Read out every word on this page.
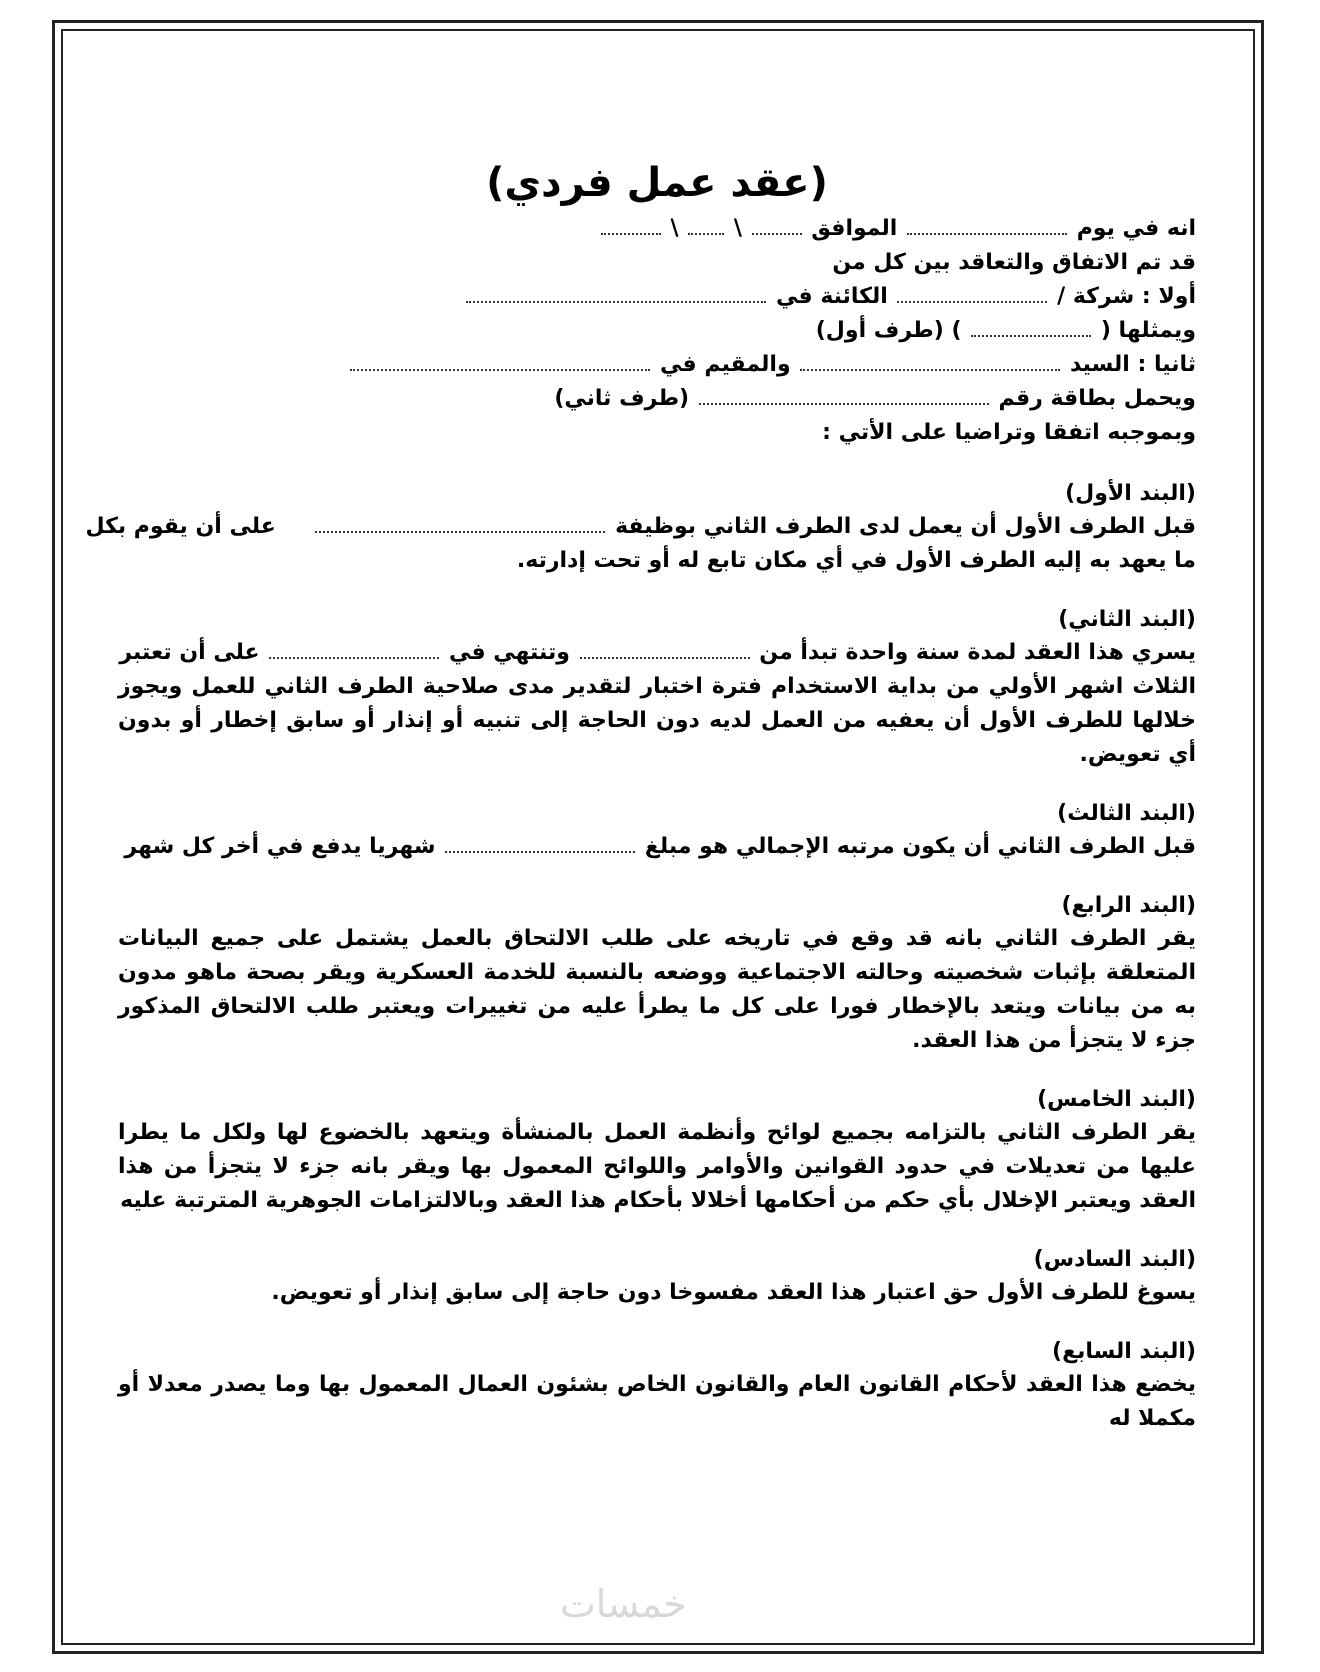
(عقد عمل فردي)
انه في يوم  الموافق  \  \
قد تم الاتفاق والتعاقد بين كل من
أولا : شركة /  الكائنة في
ويمثلها (  ) (طرف أول)
ثانيا : السيد  والمقيم في
ويحمل بطاقة رقم  (طرف ثاني)
وبموجبه اتفقا وتراضيا على الأتي :
(البند الأول)
قبل الطرف الأول أن يعمل لدى الطرف الثاني بوظيفة  على أن يقوم بكل
ما يعهد به إليه الطرف الأول في أي مكان تابع له أو تحت إدارته.
(البند الثاني)
يسري هذا العقد لمدة سنة واحدة تبدأ من  وتنتهي في  على أن تعتبر
الثلاث اشهر الأولي من بداية الاستخدام فترة اختبار لتقدير مدى صلاحية الطرف الثاني للعمل ويجوز خلالها للطرف الأول أن يعفيه من العمل لديه دون الحاجة إلى تنبيه أو إنذار أو سابق إخطار أو بدون أي تعويض.
(البند الثالث)
قبل الطرف الثاني أن يكون مرتبه الإجمالي هو مبلغ  شهريا يدفع في أخر كل شهر
(البند الرابع)
يقر الطرف الثاني بانه قد وقع في تاريخه على طلب الالتحاق بالعمل يشتمل على جميع البيانات المتعلقة بإثبات شخصيته وحالته الاجتماعية ووضعه بالنسبة للخدمة العسكرية ويقر بصحة ماهو مدون به من بيانات ويتعد بالإخطار فورا على كل ما يطرأ عليه من تغييرات ويعتبر طلب الالتحاق المذكور جزء لا يتجزأ من هذا العقد.
(البند الخامس)
يقر الطرف الثاني بالتزامه بجميع لوائح وأنظمة العمل بالمنشأة ويتعهد بالخضوع لها ولكل ما يطرا عليها من تعديلات في حدود القوانين والأوامر واللوائح المعمول بها ويقر بانه جزء لا يتجزأ من هذا العقد ويعتبر الإخلال بأي حكم من أحكامها أخلالا بأحكام هذا العقد وبالالتزامات الجوهرية المترتبة عليه
(البند السادس)
يسوغ للطرف الأول حق اعتبار هذا العقد مفسوخا دون حاجة إلى سابق إنذار أو تعويض.
(البند السابع)
يخضع هذا العقد لأحكام القانون العام والقانون الخاص بشئون العمال المعمول بها وما يصدر معدلا أو مكملا له
خمسات
